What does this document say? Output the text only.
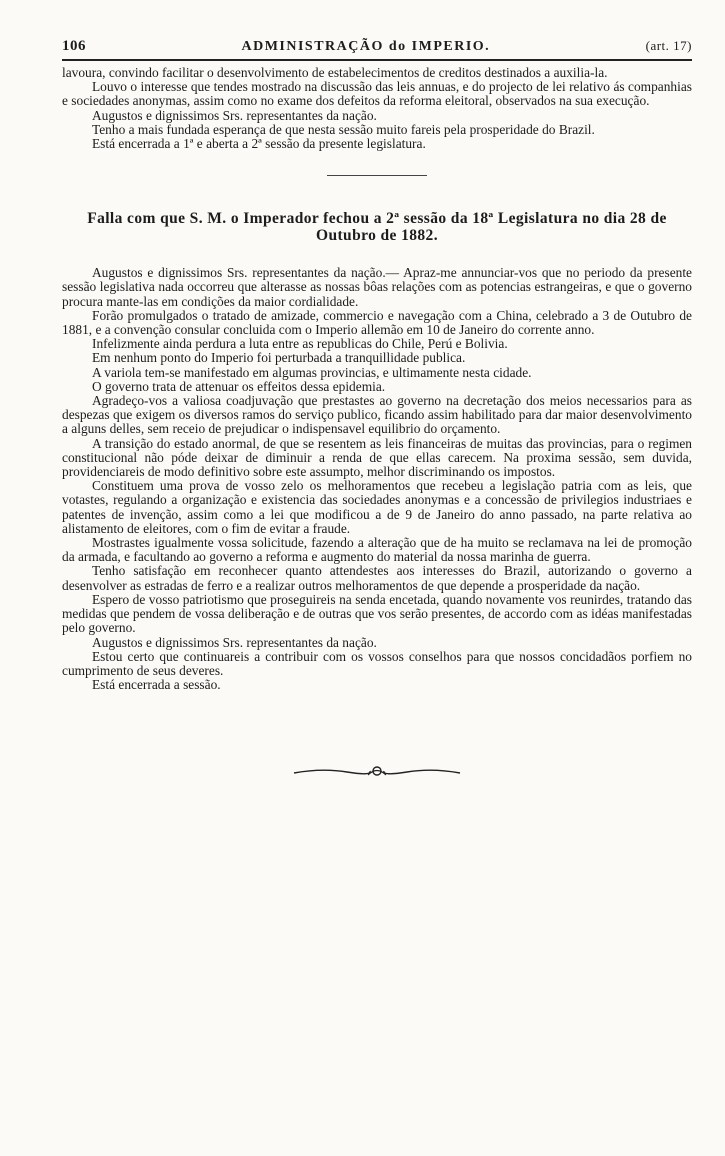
106	ADMINISTRAÇÃO do IMPERIO.	(art. 17)

lavoura, convindo facilitar o desenvolvimento de estabelecimentos de creditos destinados a auxilia-la.

Louvo o interesse que tendes mostrado na discussão das leis annuas, e do projecto de lei relativo ás companhias e sociedades anonymas, assim como no exame dos defeitos da reforma eleitoral, observados na sua execução.

Augustos e dignissimos Srs. representantes da nação.

Tenho a mais fundada esperança de que nesta sessão muito fareis pela prosperidade do Brazil.

Está encerrada a 1ª e aberta a 2ª sessão da presente legislatura.

Falla com que S. M. o Imperador fechou a 2ª sessão da 18ª Legislatura no dia 28 de Outubro de 1882.

Augustos e dignissimos Srs. representantes da nação.— Apraz-me annunciar-vos que no periodo da presente sessão legislativa nada occorreu que alterasse as nossas bôas relações com as potencias estrangeiras, e que o governo procura mante-las em condições da maior cordialidade.

Forão promulgados o tratado de amizade, commercio e navegação com a China, celebrado a 3 de Outubro de 1881, e a convenção consular concluida com o Imperio allemão em 10 de Janeiro do corrente anno.

Infelizmente ainda perdura a luta entre as republicas do Chile, Perú e Bolivia.

Em nenhum ponto do Imperio foi perturbada a tranquillidade publica.

A variola tem-se manifestado em algumas provincias, e ultimamente nesta cidade.

O governo trata de attenuar os effeitos dessa epidemia.

Agradeço-vos a valiosa coadjuvação que prestastes ao governo na decretação dos meios necessarios para as despezas que exigem os diversos ramos do serviço publico, ficando assim habilitado para dar maior desenvolvimento a alguns delles, sem receio de prejudicar o indispensavel equilibrio do orçamento.

A transição do estado anormal, de que se resentem as leis financeiras de muitas das provincias, para o regimen constitucional não póde deixar de diminuir a renda de que ellas carecem. Na proxima sessão, sem duvida, providenciareis de modo definitivo sobre este assumpto, melhor discriminando os impostos.

Constituem uma prova de vosso zelo os melhoramentos que recebeu a legislação patria com as leis, que votastes, regulando a organização e existencia das sociedades anonymas e a concessão de privilegios industriaes e patentes de invenção, assim como a lei que modificou a de 9 de Janeiro do anno passado, na parte relativa ao alistamento de eleitores, com o fim de evitar a fraude.

Mostrastes igualmente vossa solicitude, fazendo a alteração que de ha muito se reclamava na lei de promoção da armada, e facultando ao governo a reforma e augmento do material da nossa marinha de guerra.

Tenho satisfação em reconhecer quanto attendestes aos interesses do Brazil, autorizando o governo a desenvolver as estradas de ferro e a realizar outros melhoramentos de que depende a prosperidade da nação.

Espero de vosso patriotismo que proseguireis na senda encetada, quando novamente vos reunirdes, tratando das medidas que pendem de vossa deliberação e de outras que vos serão presentes, de accordo com as idéas manifestadas pelo governo.

Augustos e dignissimos Srs. representantes da nação.

Estou certo que continuareis a contribuir com os vossos conselhos para que nossos concidadãos porfiem no cumprimento de seus deveres.

Está encerrada a sessão.
